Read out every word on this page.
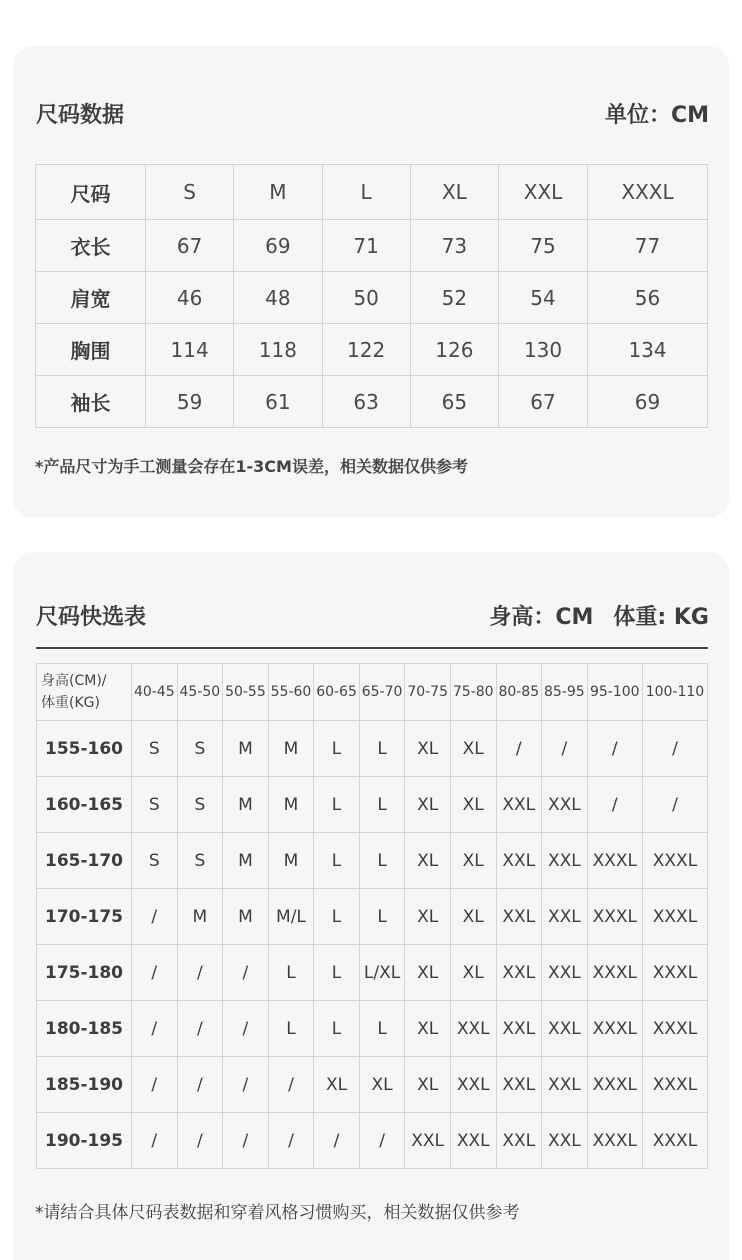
尺码数据	单位：CM
尺码	S	M	L	XL	XXL	XXXL
衣长	67	69	71	73	75	77
肩宽	46	48	50	52	54	56
胸围	114	118	122	126	130	134
袖长	59	61	63	65	67	69
*产品尺寸为手工测量会存在1-3CM误差，相关数据仅供参考
尺码快选表	身高：CM 体重: KG
身高(CM)/
体重(KG)	40-45	45-50	50-55	55-60	60-65	65-70	70-75	75-80	80-85	85-95	95-100	100-110
155-160	S	S	M	M	L	L	XL	XL	/	/	/	/
160-165	S	S	M	M	L	L	XL	XL	XXL	XXL	/	/
165-170	S	S	M	M	L	L	XL	XL	XXL	XXL	XXXL	XXXL
170-175	/	M	M	M/L	L	L	XL	XL	XXL	XXL	XXXL	XXXL
175-180	/	/	/	L	L	L/XL	XL	XL	XXL	XXL	XXXL	XXXL
180-185	/	/	/	L	L	L	XL	XXL	XXL	XXL	XXXL	XXXL
185-190	/	/	/	/	XL	XL	XL	XXL	XXL	XXL	XXXL	XXXL
190-195	/	/	/	/	/	/	XXL	XXL	XXL	XXL	XXXL	XXXL
*请结合具体尺码表数据和穿着风格习惯购买，相关数据仅供参考
